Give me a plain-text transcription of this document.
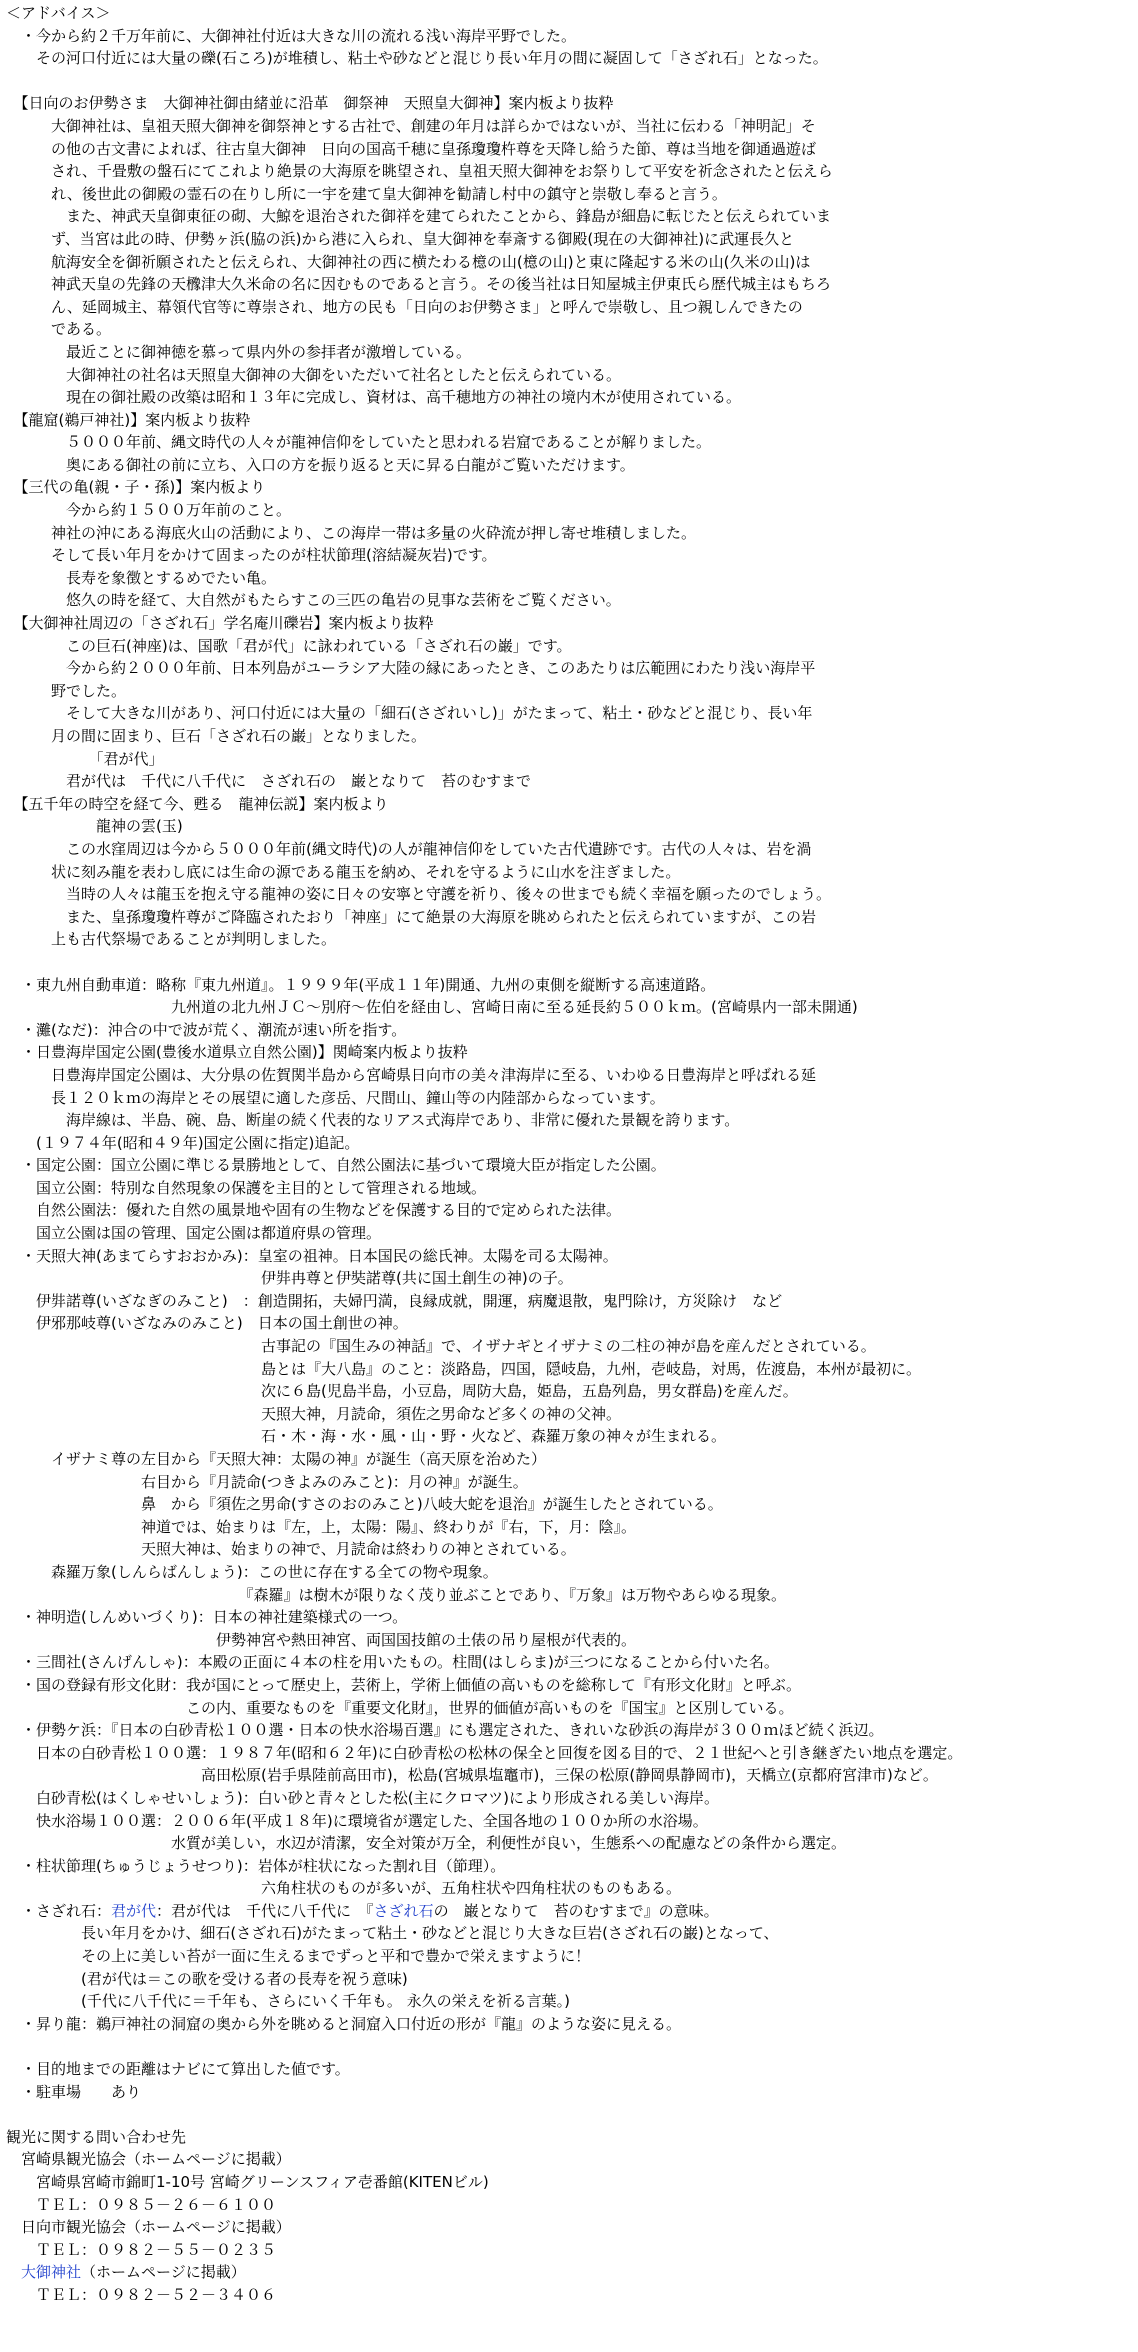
＜アドバイス＞
　・今から約２千万年前に、大御神社付近は大きな川の流れる浅い海岸平野でした。
　　その河口付近には大量の礫(石ころ)が堆積し、粘土や砂などと混じり長い年月の間に凝固して「さざれ石」となった。
　【日向のお伊勢さま　大御神社御由緒並に沿革　御祭神　天照皇大御神】案内板より抜粋
　　　大御神社は、皇祖天照大御神を御祭神とする古社で、創建の年月は詳らかではないが、当社に伝わる「神明記」そ
　　　の他の古文書によれば、往古皇大御神　日向の国高千穂に皇孫瓊瓊杵尊を天降し給うた節、尊は当地を御通過遊ば
　　　され、千畳敷の盤石にてこれより絶景の大海原を眺望され、皇祖天照大御神をお祭りして平安を祈念されたと伝えら
　　　れ、後世此の御殿の霊石の在りし所に一宇を建て皇大御神を勧請し村中の鎮守と崇敬し奉ると言う。
　　　　また、神武天皇御東征の砌、大鯨を退治された御祥を建てられたことから、鋒島が細島に転じたと伝えられていま
　　　ず、当宮は此の時、伊勢ヶ浜(脇の浜)から港に入られ、皇大御神を奉斎する御殿(現在の大御神社)に武運長久と
　　　航海安全を御祈願されたと伝えられ、大御神社の西に横たわる檍の山(檍の山)と東に隆起する米の山(久米の山)は
　　　神武天皇の先鋒の天櫲津大久米命の名に因むものであると言う。その後当社は日知屋城主伊東氏ら歴代城主はもちろ
　　　ん、延岡城主、幕領代官等に尊崇され、地方の民も「日向のお伊勢さま」と呼んで崇敬し、且つ親しんできたの
　　　である。
　　　　最近ことに御神徳を慕って県内外の参拝者が激増している。
　　　　大御神社の社名は天照皇大御神の大御をいただいて社名としたと伝えられている。
　　　　現在の御社殿の改築は昭和１３年に完成し、資材は、高千穂地方の神社の境内木が使用されている。
　【龍窟(鵜戸神社)】案内板より抜粋
　　　　５０００年前、縄文時代の人々が龍神信仰をしていたと思われる岩窟であることが解りました。
　　　　奥にある御社の前に立ち、入口の方を振り返ると天に昇る白龍がご覧いただけます。
　【三代の亀(親・子・孫)】案内板より
　　　　今から約１５００万年前のこと。
　　　神社の沖にある海底火山の活動により、この海岸一帯は多量の火砕流が押し寄せ堆積しました。
　　　そして長い年月をかけて固まったのが柱状節理(溶結凝灰岩)です。
　　　　長寿を象徴とするめでたい亀。
　　　　悠久の時を経て、大自然がもたらすこの三匹の亀岩の見事な芸術をご覧ください。
　【大御神社周辺の「さざれ石」学名庵川礫岩】案内板より抜粋
　　　　この巨石(神座)は、国歌「君が代」に詠われている「さざれ石の巌」です。
　　　　今から約２０００年前、日本列島がユーラシア大陸の縁にあったとき、このあたりは広範囲にわたり浅い海岸平
　　　野でした。
　　　　そして大きな川があり、河口付近には大量の「細石(さざれいし)」がたまって、粘土・砂などと混じり、長い年
　　　月の間に固まり、巨石「さざれ石の巌」となりました。
　　　　　　「君が代」
　　　　君が代は　千代に八千代に　さざれ石の　巌となりて　苔のむすまで
　【五千年の時空を経て今、甦る　龍神伝説】案内板より
　　　　　　龍神の雲(玉)
　　　　この水窪周辺は今から５０００年前(縄文時代)の人が龍神信仰をしていた古代遺跡です。古代の人々は、岩を渦
　　　状に刻み龍を表わし底には生命の源である龍玉を納め、それを守るように山水を注ぎました。
　　　　当時の人々は龍玉を抱え守る龍神の姿に日々の安寧と守護を祈り、後々の世までも続く幸福を願ったのでしょう。
　　　　また、皇孫瓊瓊杵尊がご降臨されたおり「神座」にて絶景の大海原を眺められたと伝えられていますが、この岩
　　　上も古代祭場であることが判明しました。
　・東九州自動車道：略称『東九州道』。１９９９年(平成１１年)開通、九州の東側を縦断する高速道路。
　　　　　　　　　　　九州道の北九州ＪＣ～別府～佐伯を経由し、宮崎日南に至る延長約５００ｋｍ。(宮崎県内一部未開通)
　・灘(なだ)：沖合の中で波が荒く、潮流が速い所を指す。
　・日豊海岸国定公園(豊後水道県立自然公園)】関崎案内板より抜粋
　　　日豊海岸国定公園は、大分県の佐賀関半島から宮崎県日向市の美々津海岸に至る、いわゆる日豊海岸と呼ばれる延
　　　長１２０ｋｍの海岸とその展望に適した彦岳、尺間山、鐘山等の内陸部からなっています。
　　　　海岸線は、半島、碗、島、断崖の続く代表的なリアス式海岸であり、非常に優れた景観を誇ります。
　　(１９７４年(昭和４９年)国定公園に指定)追記。
　・国定公園：国立公園に準じる景勝地として、自然公園法に基づいて環境大臣が指定した公園。
　　国立公園：特別な自然現象の保護を主目的として管理される地域。
　　自然公園法：優れた自然の風景地や固有の生物などを保護する目的で定められた法律。
　　国立公園は国の管理、国定公園は都道府県の管理。
　・天照大神(あまてらすおおかみ)：皇室の祖神。日本国民の総氏神。太陽を司る太陽神。
　　　　　　　　　　　　　　　　　伊弉冉尊と伊奘諾尊(共に国土創生の神)の子。
　　伊弉諾尊(いざなぎのみこと)　：創造開拓，夫婦円満，良縁成就，開運，病魔退散，鬼門除け，方災除け　など
　　伊邪那岐尊(いざなみのみこと)　日本の国土創世の神。
　　　　　　　　　　　　　　　　　古事記の『国生みの神話』で、イザナギとイザナミの二柱の神が島を産んだとされている。
　　　　　　　　　　　　　　　　　島とは『大八島』のこと：淡路島，四国，隠岐島，九州，壱岐島，対馬，佐渡島，本州が最初に。
　　　　　　　　　　　　　　　　　次に６島(児島半島，小豆島，周防大島，姫島，五島列島，男女群島)を産んだ。
　　　　　　　　　　　　　　　　　天照大神，月読命，須佐之男命など多くの神の父神。
　　　　　　　　　　　　　　　　　石・木・海・水・風・山・野・火など、森羅万象の神々が生まれる。
　　　イザナミ尊の左目から『天照大神：太陽の神』が誕生（高天原を治めた）
　　　　　　　　　右目から『月読命(つきよみのみこと)：月の神』が誕生。
　　　　　　　　　鼻　から『須佐之男命(すさのおのみこと)八岐大蛇を退治』が誕生したとされている。
　　　　　　　　　神道では、始まりは『左，上，太陽：陽』、終わりが『右，下，月：陰』。
　　　　　　　　　天照大神は、始まりの神で、月読命は終わりの神とされている。
　　　森羅万象(しんらばんしょう)：この世に存在する全ての物や現象。
　　　　　　　　　　　　　　　　『森羅』は樹木が限りなく茂り並ぶことであり、『万象』は万物やあらゆる現象。
　・神明造(しんめいづくり)：日本の神社建築様式の一つ。
　　　　　　　　　　　　　　伊勢神宮や熱田神宮、両国国技館の土俵の吊り屋根が代表的。
　・三間社(さんげんしゃ)：本殿の正面に４本の柱を用いたもの。柱間(はしらま)が三つになることから付いた名。
　・国の登録有形文化財：我が国にとって歴史上，芸術上，学術上価値の高いものを総称して『有形文化財』と呼ぶ。
　　　　　　　　　　　　この内、重要なものを『重要文化財』，世界的価値が高いものを『国宝』と区別している。
　・伊勢ケ浜：『日本の白砂青松１００選・日本の快水浴場百選』にも選定された、きれいな砂浜の海岸が３００ｍほど続く浜辺。
　　日本の白砂青松１００選：１９８７年(昭和６２年)に白砂青松の松林の保全と回復を図る目的で、２１世紀へと引き継ぎたい地点を選定。
　　　　　　　　　　　　　高田松原(岩手県陸前高田市)，松島(宮城県塩竈市)，三保の松原(静岡県静岡市)，天橋立(京都府宮津市)など。
　　白砂青松(はくしゃせいしょう)：白い砂と青々とした松(主にクロマツ)により形成される美しい海岸。
　　快水浴場１００選：２００６年(平成１８年)に環境省が選定した、全国各地の１００か所の水浴場。
　　　　　　　　　　　水質が美しい，水辺が清潔，安全対策が万全，利便性が良い，生態系への配慮などの条件から選定。
　・柱状節理(ちゅうじょうせつり)：岩体が柱状になった割れ目（節理）。
　　　　　　　　　　　　　　　　　六角柱状のものが多いが、五角柱状や四角柱状のものもある。
　・さざれ石：君が代：君が代は　千代に八千代に　『さざれ石の　巌となりて　苔のむすまで』の意味。
　　　　　長い年月をかけ、細石(さざれ石)がたまって粘土・砂などと混じり大きな巨岩(さざれ石の巌)となって、
　　　　　その上に美しい苔が一面に生えるまでずっと平和で豊かで栄えますように！
　　　　　(君が代は＝この歌を受ける者の長寿を祝う意味)
　　　　　(千代に八千代に＝千年も、さらにいく千年も。 永久の栄えを祈る言葉。)
　・昇り龍：鵜戸神社の洞窟の奥から外を眺めると洞窟入口付近の形が『龍』のような姿に見える。
　・目的地までの距離はナビにて算出した値です。
　・駐車場　　あり
観光に関する問い合わせ先
　宮崎県観光協会（ホームページに掲載）
　　宮崎県宮崎市錦町1-10号 宮崎グリーンスフィア壱番館(KITENビル)
　　ＴＥＬ：０９８５－２６－６１００
　日向市観光協会（ホームページに掲載）
　　ＴＥＬ：０９８２－５５－０２３５
　大御神社（ホームページに掲載）
　　ＴＥＬ：０９８２－５２－３４０６
